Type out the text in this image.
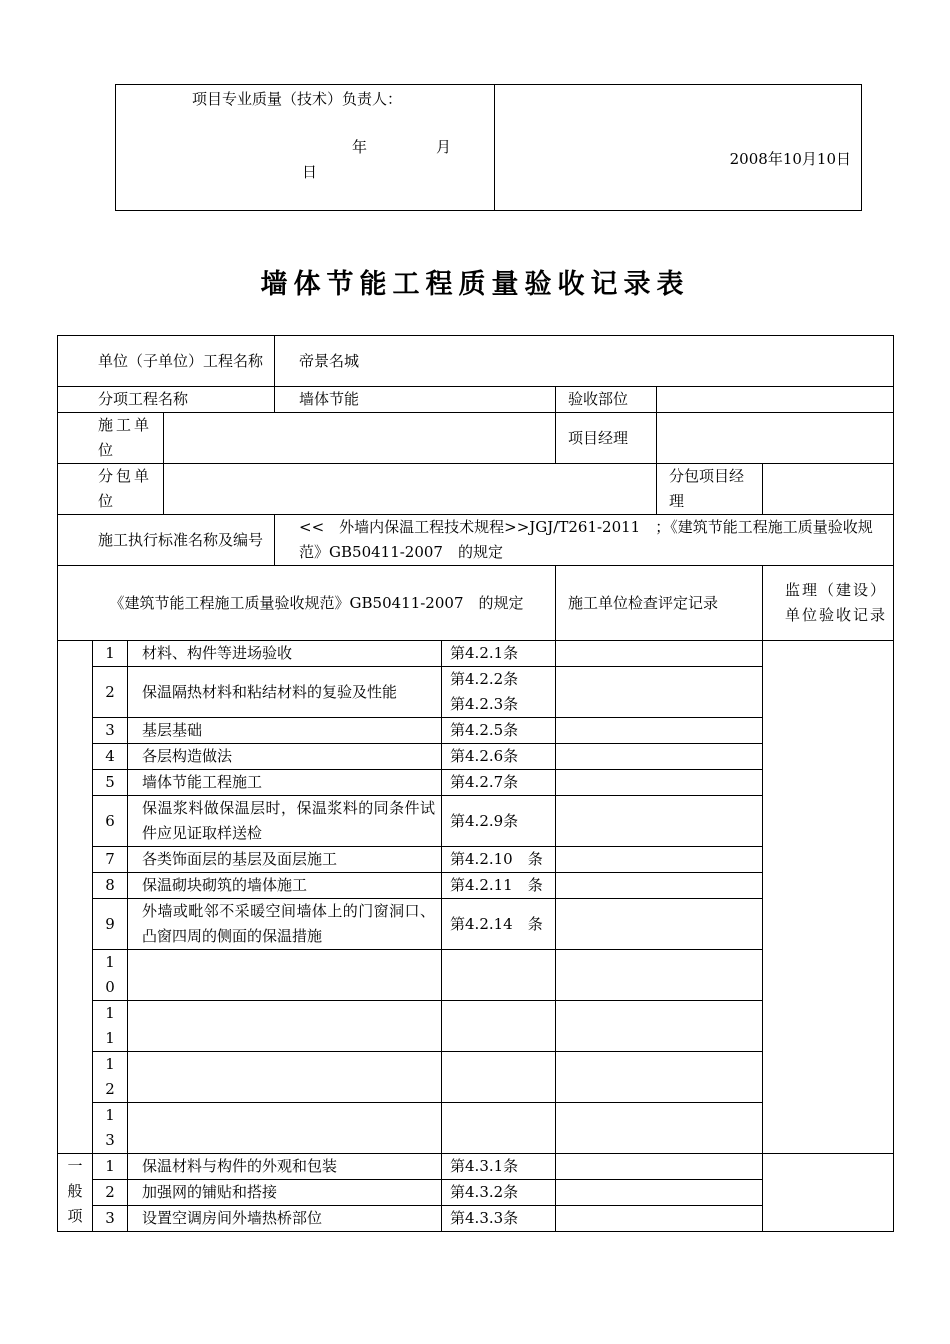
项目专业质量（技术）负责人：
年	月
日

2008年10月10日
墙体节能工程质量验收记录表
单位（子单位）工程名称				帝景名城				
分项工程名称				墙体节能		验收部位		
施工单位						项目经理		
分包单位							分包项目经理	
施工执行标准名称及编号				<<　外墙内保温工程技术规程>>JGJ/T261-2011　；《建筑节能工程施工质量验收规范》GB50411-2007　的规定				
《建筑节能工程施工质量验收规范》GB50411-2007　的规定						施工单位检查评定记录		监理（建设）单位验收记录
	1	材料、构件等进场验收			第4.2.1条			
	2	保温隔热材料和粘结材料的复验及性能			第4.2.2条
第4.2.3条			
	3	基层基础			第4.2.5条			
	4	各层构造做法			第4.2.6条			
	5	墙体节能工程施工			第4.2.7条			
	6	保温浆料做保温层时，保温浆料的同条件试件应见证取样送检			第4.2.9条			
	7	各类饰面层的基层及面层施工			第4.2.10　条			
	8	保温砌块砌筑的墙体施工			第4.2.11　条			
	9	外墙或毗邻不采暖空间墙体上的门窗洞口、凸窗四周的侧面的保温措施			第4.2.14　条			
	10							
	11							
	12							
	13							
一般项	1	保温材料与构件的外观和包装			第4.3.1条			
	2	加强网的铺贴和搭接			第4.3.2条			
	3	设置空调房间外墙热桥部位			第4.3.3条			
